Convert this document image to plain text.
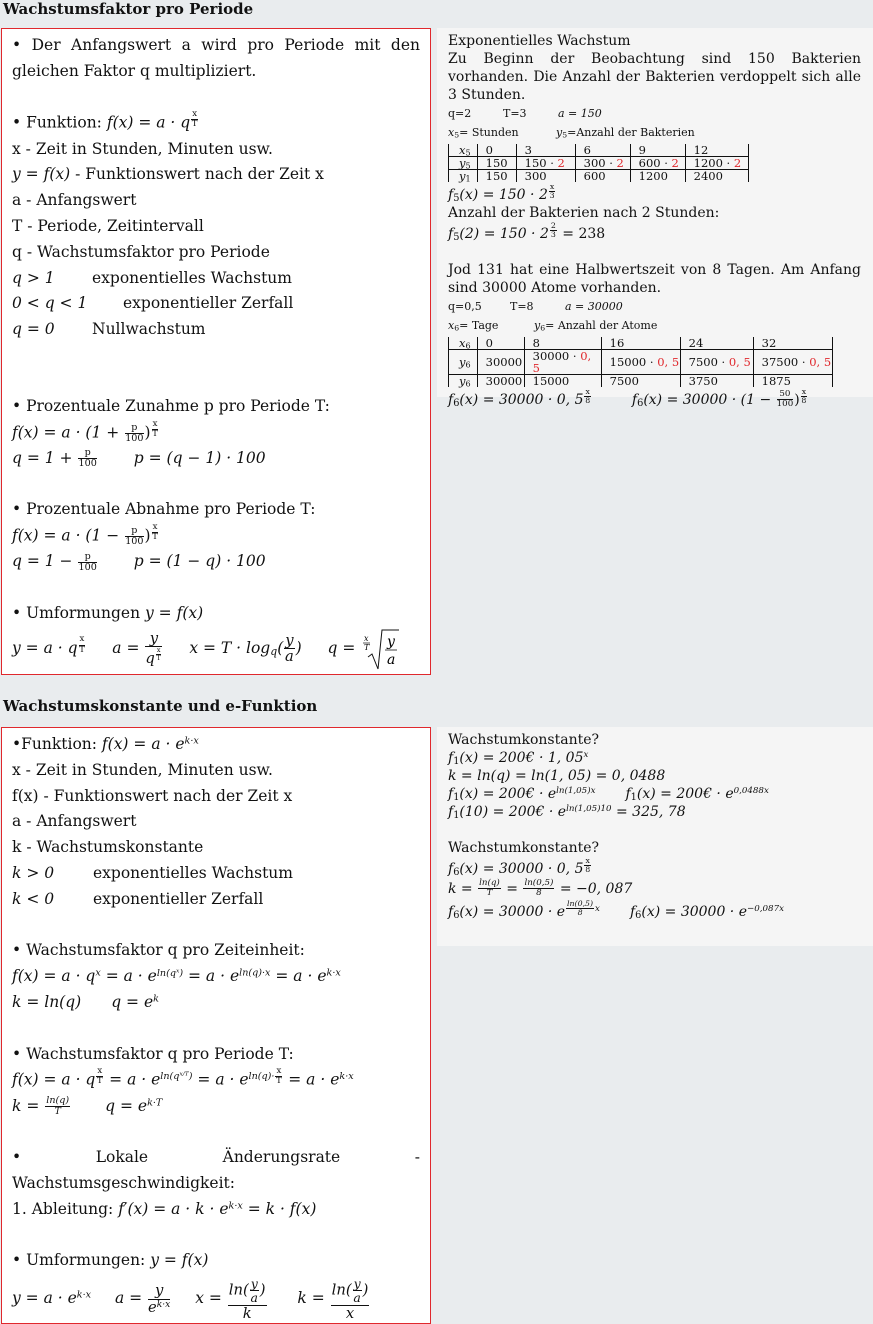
Wachstumsfaktor pro Periode
• Der Anfangswert a wird pro Periode mit den gleichen Faktor q multipliziert.
• Funktion: f(x) = a · q $^{\frac{x}{T}}$
x - Zeit in Stunden, Minuten usw.
y = f(x) - Funktionswert nach der Zeit x
a - Anfangswert
T - Periode, Zeitintervall
q - Wachstumsfaktor pro Periode
q > 1 exponentielles Wachstum
0 < q < 1 exponentieller Zerfall
q = 0 Nullwachstum
• Prozentuale Zunahme p pro Periode T:
$f(x) = a \cdot (1 + \frac{p}{100}$ ) $^{\frac{x}{T}}$
$q = 1 + \frac{p}{100}$ p = (q − 1) · 100
• Prozentuale Abnahme pro Periode T:
$f(x) = a \cdot (1 - \frac{p}{100}$ ) $^{\frac{x}{T}}$
$q = 1 - \frac{p}{100}$ p = (1 − q) · 100
• Umformungen y = f(x)
y = a · q $^{\frac{x}{T}}$ a = y
q $^{\frac{x}{T}}$ $x = T \cdot \log_q( \frac{y}{a}$ ) q =
x
T y
a
Exponentielles Wachstum
Zu Beginn der Beobachtung sind 150 Bakterien vorhanden. Die Anzahl der Bakterien verdoppelt sich alle 3 Stunden.
q=2	T=3	a = 150
$x_5=$ Stunden	$y_5=Anzahl$ der Bakterien
$x_5$	0	3	6	9	12
$y_5$	150	150 · 2	300 · 2	600 · 2	1200 · 2
$y_1$	150	300	600	1200	2400
$f_5(x) = 150 \cdot 2$ $^{\frac{x}{3}}$
Anzahl der Bakterien nach 2 Stunden:
$f_5(2) = 150 \cdot 2$ $^{\frac{2}{3}}$ = 238
Jod 131 hat eine Halbwertszeit von 8 Tagen. Am Anfang sind 30000 Atome vorhanden.
q=0,5	T=8	a = 30000
$x_6=$ Tage	$y_6=$ Anzahl der Atome
$x_6$	0	8	16	24	32
$y_6$	30000	30000 · 0, 5	15000 · 0, 5	7500 · 0, 5	37500 · 0, 5
$y_6$	30000	15000	7500	3750	1875
$f_6(x) = 30000 \cdot 0$, 5 $^{\frac{x}{8}}$	$f_6(x) = 30000 \cdot (1 - \frac{50}{100}$ ) $^{\frac{x}{8}}$
Wachstumskonstante und e-Funktion
•Funktion: $f(x) = a \cdot e^{k\cdot x}$
x - Zeit in Stunden, Minuten usw.
f(x) - Funktionswert nach der Zeit x
a - Anfangswert
k - Wachstumskonstante
k > 0	exponentielles Wachstum
k < 0	exponentieller Zerfall
• Wachstumsfaktor q pro Zeiteinheit:
$f(x) = a \cdot q^x = a \cdot e^{ln(q^x)} = a \cdot e^{ln(q)\cdot x} = a \cdot e^{k\cdot x}$
k = ln(q) $q = e^k$
• Wachstumsfaktor q pro Periode T:
f(x) = a · q $^{\frac{x}{T}} = a \cdot e^{ln(q^{x/T})} = a \cdot e^{ln(q)\cdot \frac{x}{T}} = a \cdot e^{k\cdot x}$
$k = \frac{\ln(q)}{T}$ $q = e^{k\cdot T}$
• Lokale Änderungsrate - Wachstumsgeschwindigkeit:
1. Ableitung: $f'(x) = a \cdot k \cdot e^{k\cdot x} = k \cdot f(x)$
• Umformungen: y = f(x)
$y = a \cdot e^{k\cdot x}$ $a = \frac{y}{e^{k\cdot x}}$ $x = \frac{\ln( \frac{y}{a} )}{k}$ $k = \frac{\ln( \frac{y}{a} )}{x}$
Wachstumkonstante?
$f_1(x)$ = 200€ · 1, 05$^x$
k = ln(q) = ln(1, 05) = 0, 0488
$f_1(x)$ = 200€ · $e^{ln(1,05)x}$ $f_1(x)$ = 200€ · $e^{0,0488x}$
$f_1(10)$ = 200€ · $e^{ln(1,05)10} = 325$, 78
Wachstumkonstante?
$f_6(x) = 30000 \cdot 0$, 5 $^{\frac{x}{8}}$
$k = \frac{\ln(q)}{T} = \frac{\ln(0,5)}{8} = -0$, 087
$f_6(x) = 30000 \cdot e$ $^{\frac{\ln(0,5)}{8} x}$ $f_6(x) = 30000 \cdot e^{-0,087x}$
